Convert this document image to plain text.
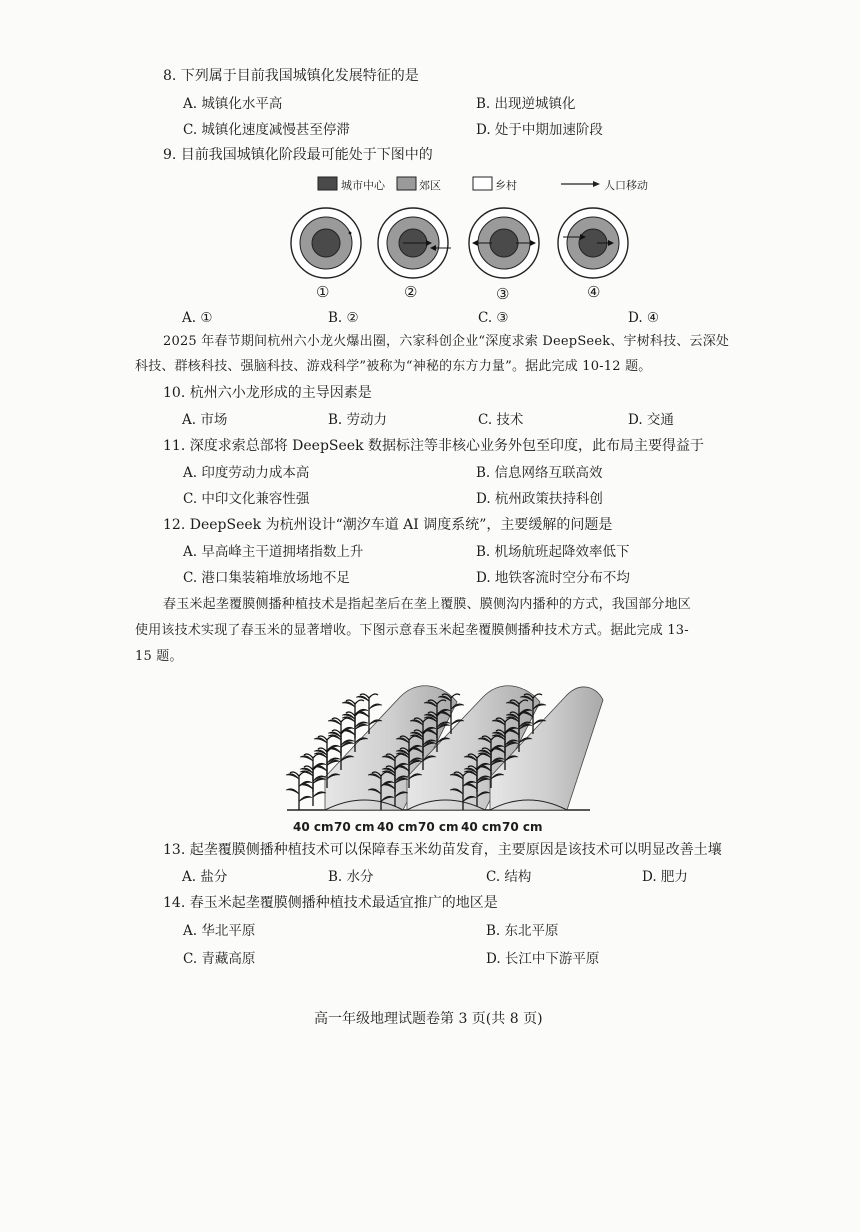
8. 下列属于目前我国城镇化发展特征的是
A. 城镇化水平高	B. 出现逆城镇化
C. 城镇化速度减慢甚至停滞	D. 处于中期加速阶段
9. 目前我国城镇化阶段最可能处于下图中的
城市中心	郊区	乡村	人口移动
①	②	③	④
A. ①	B. ②	C. ③	D. ④
2025 年春节期间杭州六小龙火爆出圈，六家科创企业“深度求索 DeepSeek、宇树科技、云深处
科技、群核科技、强脑科技、游戏科学”被称为“神秘的东方力量”。据此完成 10-12 题。
10. 杭州六小龙形成的主导因素是
A. 市场	B. 劳动力	C. 技术	D. 交通
11. 深度求索总部将 DeepSeek 数据标注等非核心业务外包至印度，此布局主要得益于
A. 印度劳动力成本高	B. 信息网络互联高效
C. 中印文化兼容性强	D. 杭州政策扶持科创
12. DeepSeek 为杭州设计“潮汐车道 AI 调度系统”，主要缓解的问题是
A. 早高峰主干道拥堵指数上升	B. 机场航班起降效率低下
C. 港口集装箱堆放场地不足	D. 地铁客流时空分布不均
春玉米起垄覆膜侧播种植技术是指起垄后在垄上覆膜、膜侧沟内播种的方式，我国部分地区
使用该技术实现了春玉米的显著增收。下图示意春玉米起垄覆膜侧播种技术方式。据此完成 13-
15 题。
40 cm 70 cm 40 cm 70 cm 40 cm 70 cm
13. 起垄覆膜侧播种植技术可以保障春玉米幼苗发育，主要原因是该技术可以明显改善土壤
A. 盐分	B. 水分	C. 结构	D. 肥力
14. 春玉米起垄覆膜侧播种植技术最适宜推广的地区是
A. 华北平原	B. 东北平原
C. 青藏高原	D. 长江中下游平原
高一年级地理试题卷第 3 页(共 8 页)
